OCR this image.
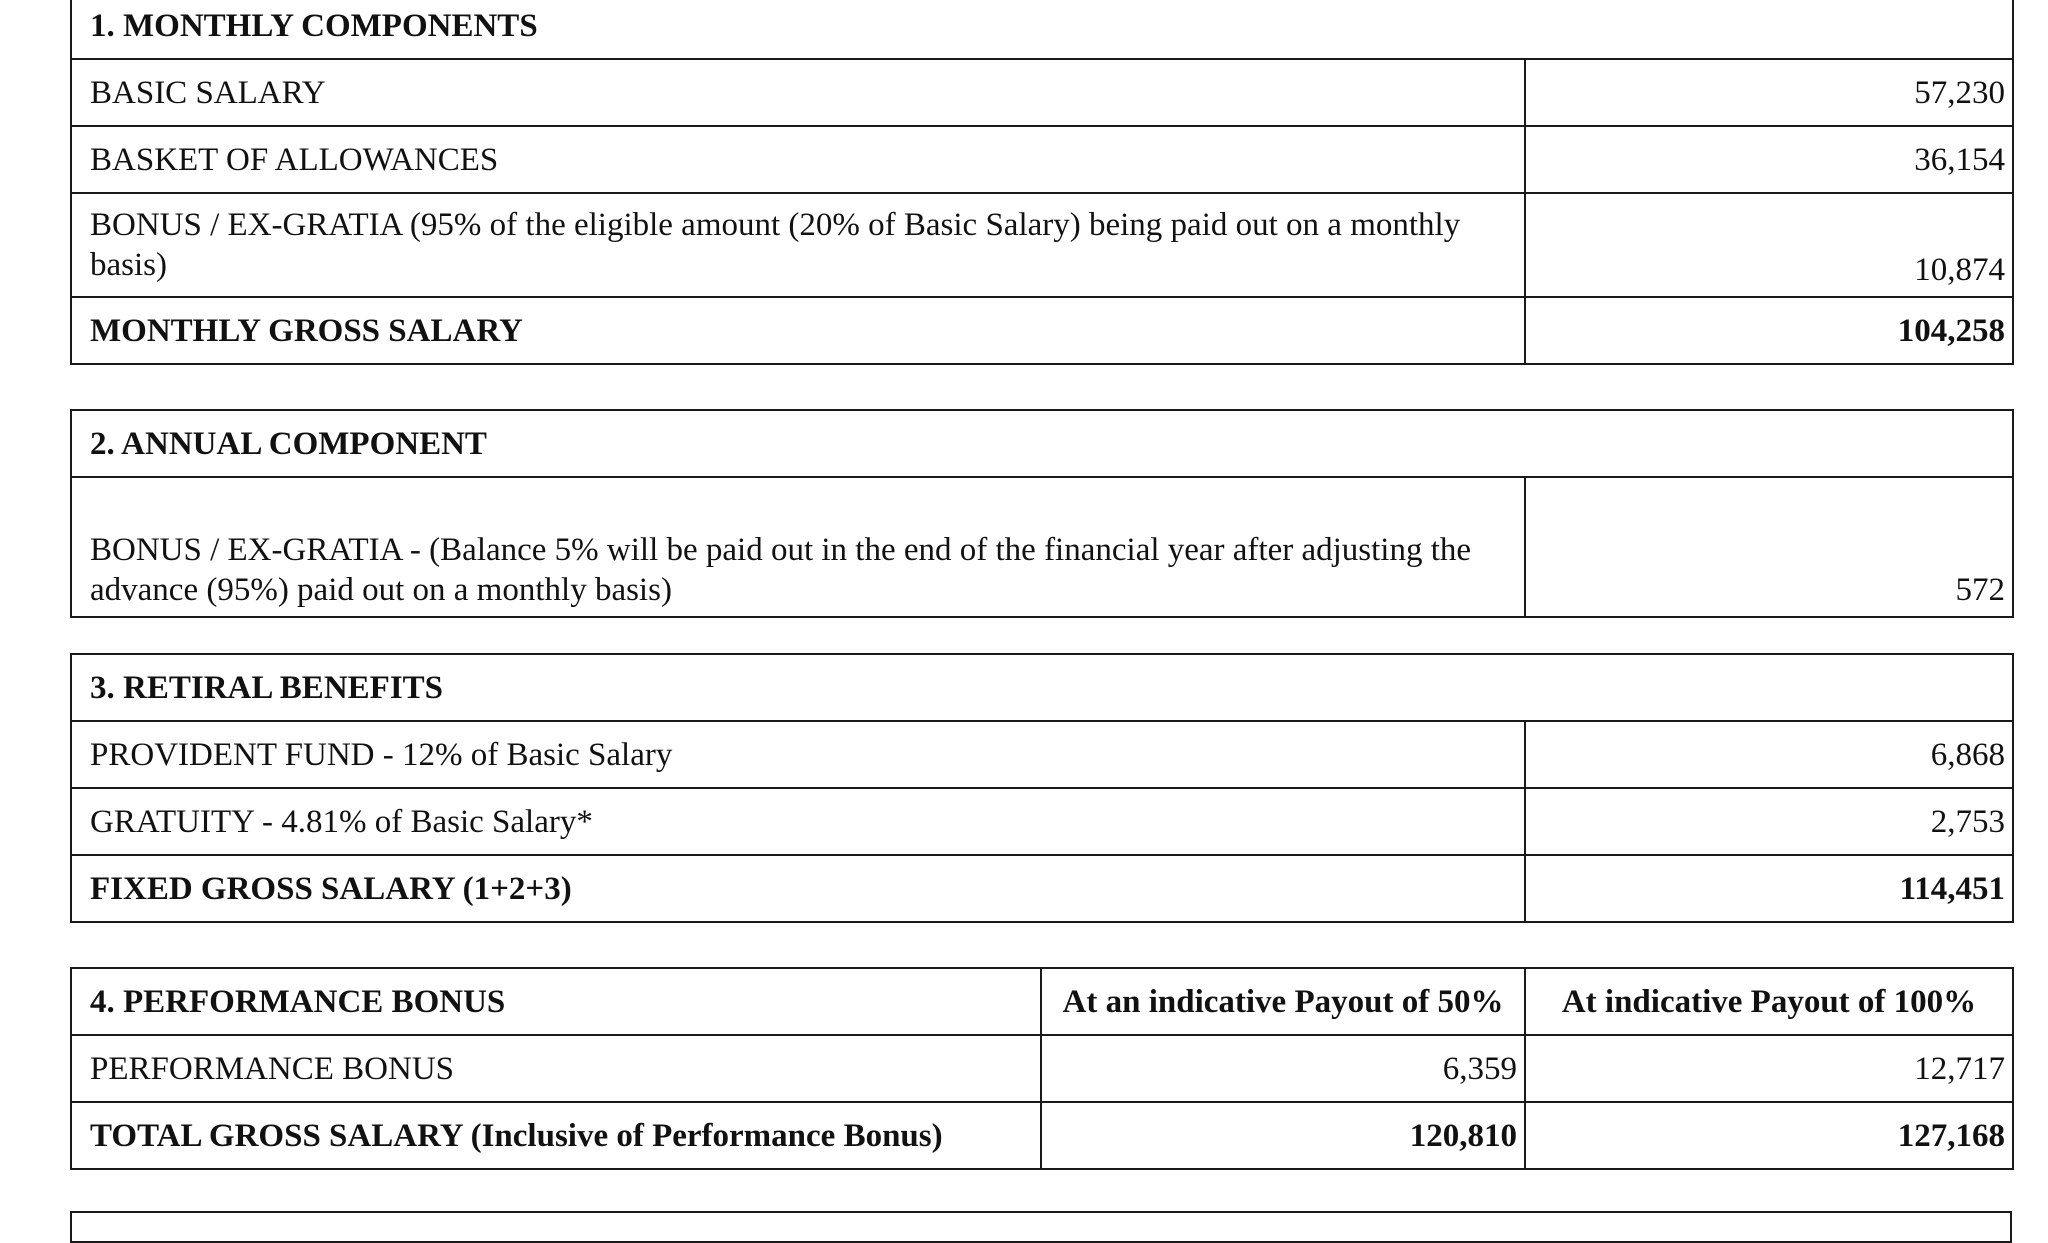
1. MONTHLY COMPONENTS	
BASIC SALARY	57,230
BASKET OF ALLOWANCES	36,154
BONUS / EX-GRATIA (95% of the eligible amount (20% of Basic Salary) being paid out on a monthly basis)	10,874
MONTHLY GROSS SALARY	104,258
2. ANNUAL COMPONENT
BONUS / EX-GRATIA - (Balance 5% will be paid out in the end of the financial year after adjusting the advance (95%) paid out on a monthly basis)	572
3. RETIRAL BENEFITS	
PROVIDENT FUND - 12% of Basic Salary	6,868
GRATUITY - 4.81% of Basic Salary*	2,753
FIXED GROSS SALARY (1+2+3)	114,451
4. PERFORMANCE BONUS	At an indicative Payout of 50%	At indicative Payout of 100%
PERFORMANCE BONUS	6,359	12,717
TOTAL GROSS SALARY (Inclusive of Performance Bonus)	120,810	127,168
